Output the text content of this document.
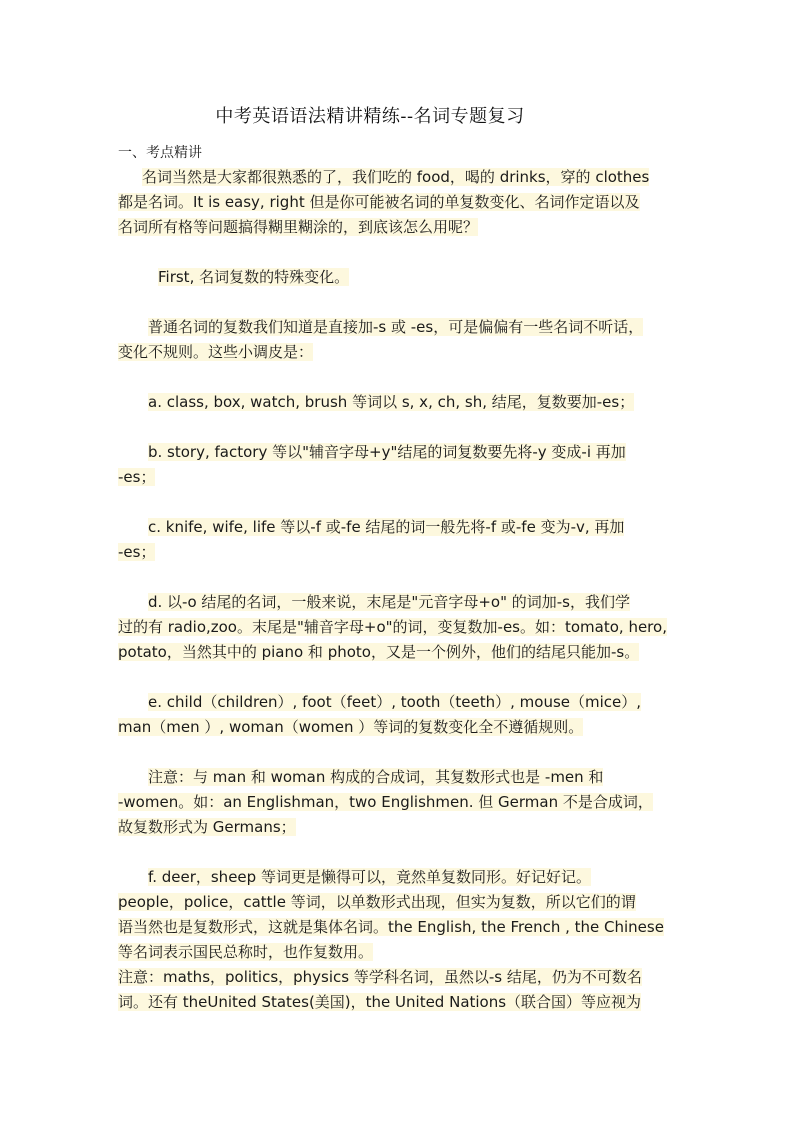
中考英语语法精讲精练--名词专题复习
一、考点精讲
名词当然是大家都很熟悉的了，我们吃的 food，喝的 drinks，穿的 clothes
都是名词。It is easy, right 但是你可能被名词的单复数变化、名词作定语以及
名词所有格等问题搞得糊里糊涂的，到底该怎么用呢？
First, 名词复数的特殊变化。
普通名词的复数我们知道是直接加-s 或 -es，可是偏偏有一些名词不听话，
变化不规则。这些小调皮是：
a. class, box, watch, brush 等词以 s, x, ch, sh, 结尾，复数要加-es；
b. story, factory 等以"辅音字母+y"结尾的词复数要先将-y 变成-i 再加
-es；
c. knife, wife, life 等以-f 或-fe 结尾的词一般先将-f 或-fe 变为-v, 再加
-es；
d. 以-o 结尾的名词，一般来说，末尾是"元音字母+o" 的词加-s，我们学
过的有 radio,zoo。末尾是"辅音字母+o"的词，变复数加-es。如：tomato, hero,
potato，当然其中的 piano 和 photo，又是一个例外，他们的结尾只能加-s。
e. child（children）, foot（feet）, tooth（teeth）, mouse（mice）,
man（men ）, woman（women ）等词的复数变化全不遵循规则。
注意：与 man 和 woman 构成的合成词，其复数形式也是 -men 和
-women。如：an Englishman，two Englishmen. 但 German 不是合成词，
故复数形式为 Germans；
f. deer，sheep 等词更是懒得可以，竟然单复数同形。好记好记。
people，police，cattle 等词，以单数形式出现，但实为复数，所以它们的谓
语当然也是复数形式，这就是集体名词。the English, the French , the Chinese
等名词表示国民总称时，也作复数用。
注意：maths，politics，physics 等学科名词，虽然以-s 结尾，仍为不可数名
词。还有 theUnited States(美国)，the United Nations（联合国）等应视为
